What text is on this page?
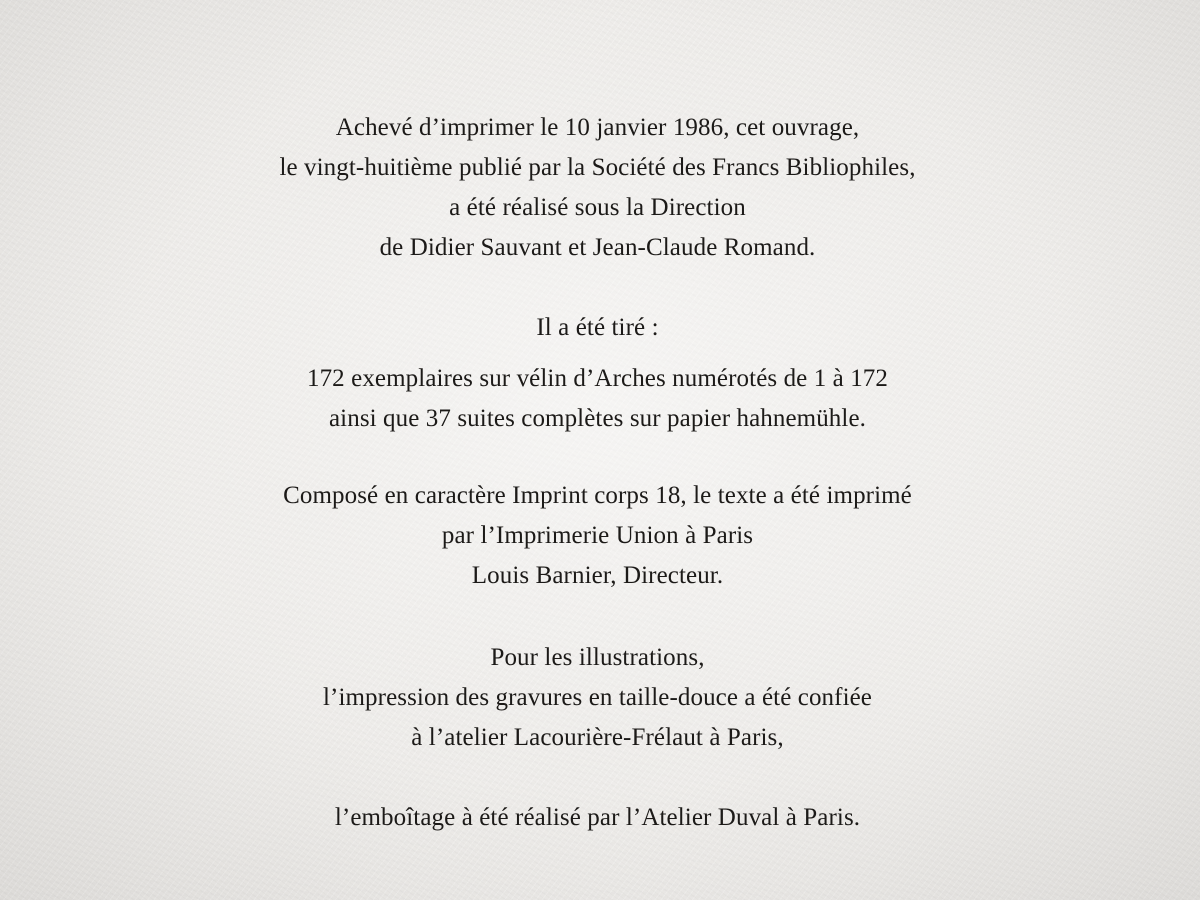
Achevé d’imprimer le 10 janvier 1986, cet ouvrage,
le vingt-huitième publié par la Société des Francs Bibliophiles,
a été réalisé sous la Direction
de Didier Sauvant et Jean-Claude Romand.
Il a été tiré :
172 exemplaires sur vélin d’Arches numérotés de 1 à 172
ainsi que 37 suites complètes sur papier hahnemühle.
Composé en caractère Imprint corps 18, le texte a été imprimé
par l’Imprimerie Union à Paris
Louis Barnier, Directeur.
Pour les illustrations,
l’impression des gravures en taille-douce a été confiée
à l’atelier Lacourière-Frélaut à Paris,
l’emboîtage à été réalisé par l’Atelier Duval à Paris.
